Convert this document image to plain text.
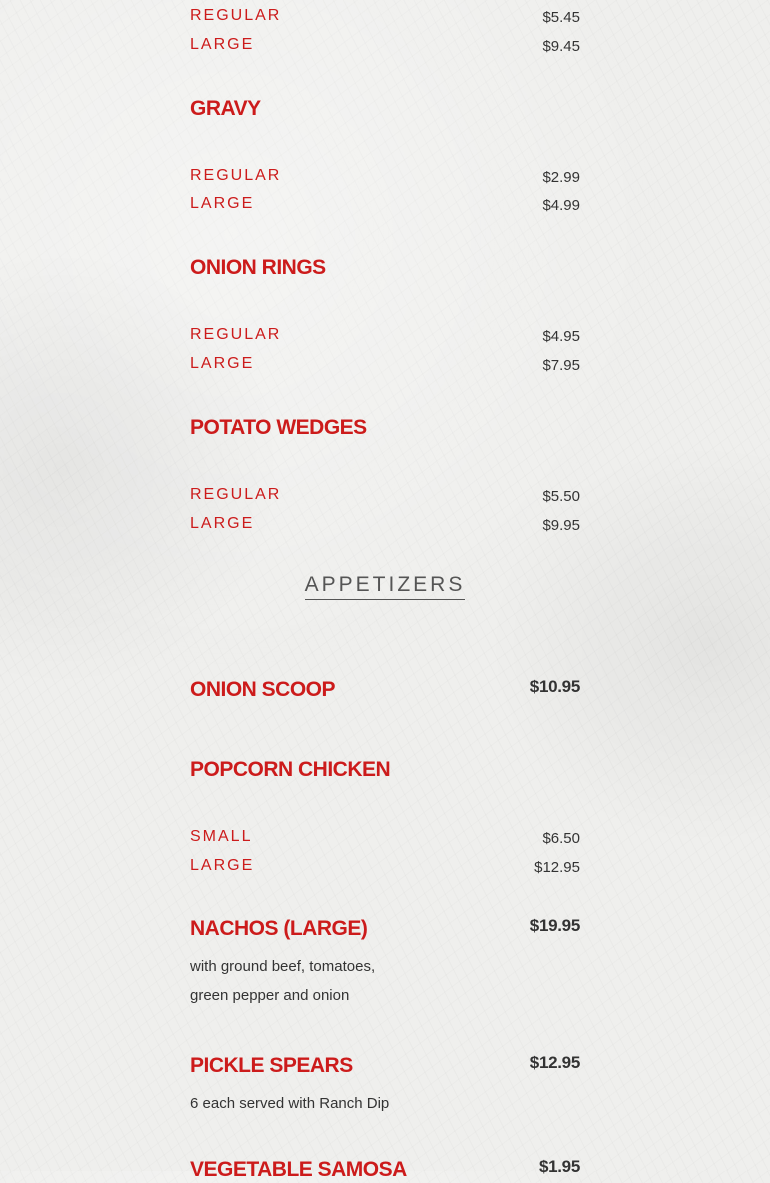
REGULAR	$5.45
LARGE	$9.45
GRAVY
REGULAR	$2.99
LARGE	$4.99
ONION RINGS
REGULAR	$4.95
LARGE	$7.95
POTATO WEDGES
REGULAR	$5.50
LARGE	$9.95
APPETIZERS
ONION SCOOP	$10.95
POPCORN CHICKEN
SMALL	$6.50
LARGE	$12.95
NACHOS (LARGE)	$19.95
with ground beef, tomatoes,
green pepper and onion
PICKLE SPEARS	$12.95
6 each served with Ranch Dip
VEGETABLE SAMOSA	$1.95
